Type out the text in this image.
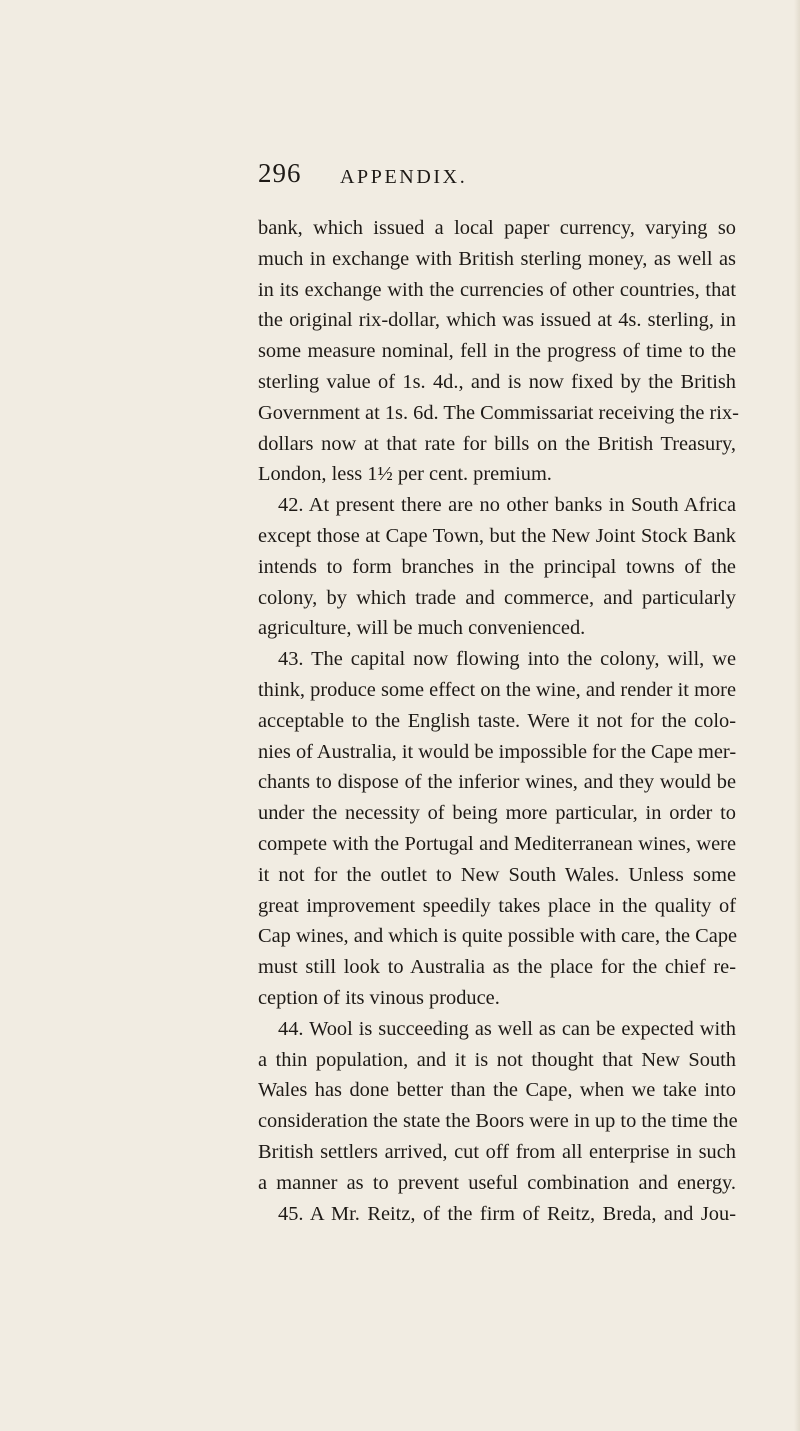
296 APPENDIX.
bank, which issued a local paper currency, varying so
much in exchange with British sterling money, as well as
in its exchange with the currencies of other countries, that
the original rix-dollar, which was issued at 4s. sterling, in
some measure nominal, fell in the progress of time to the
sterling value of 1s. 4d., and is now fixed by the British
Government at 1s. 6d. The Commissariat receiving the rix-
dollars now at that rate for bills on the British Treasury,
London, less 1½ per cent. premium.
42. At present there are no other banks in South Africa
except those at Cape Town, but the New Joint Stock Bank
intends to form branches in the principal towns of the
colony, by which trade and commerce, and particularly
agriculture, will be much convenienced.
43. The capital now flowing into the colony, will, we
think, produce some effect on the wine, and render it more
acceptable to the English taste. Were it not for the colo-
nies of Australia, it would be impossible for the Cape mer-
chants to dispose of the inferior wines, and they would be
under the necessity of being more particular, in order to
compete with the Portugal and Mediterranean wines, were
it not for the outlet to New South Wales. Unless some
great improvement speedily takes place in the quality of
Cap wines, and which is quite possible with care, the Cape
must still look to Australia as the place for the chief re-
ception of its vinous produce.
44. Wool is succeeding as well as can be expected with
a thin population, and it is not thought that New South
Wales has done better than the Cape, when we take into
consideration the state the Boors were in up to the time the
British settlers arrived, cut off from all enterprise in such
a manner as to prevent useful combination and energy.
45. A Mr. Reitz, of the firm of Reitz, Breda, and Jou-
